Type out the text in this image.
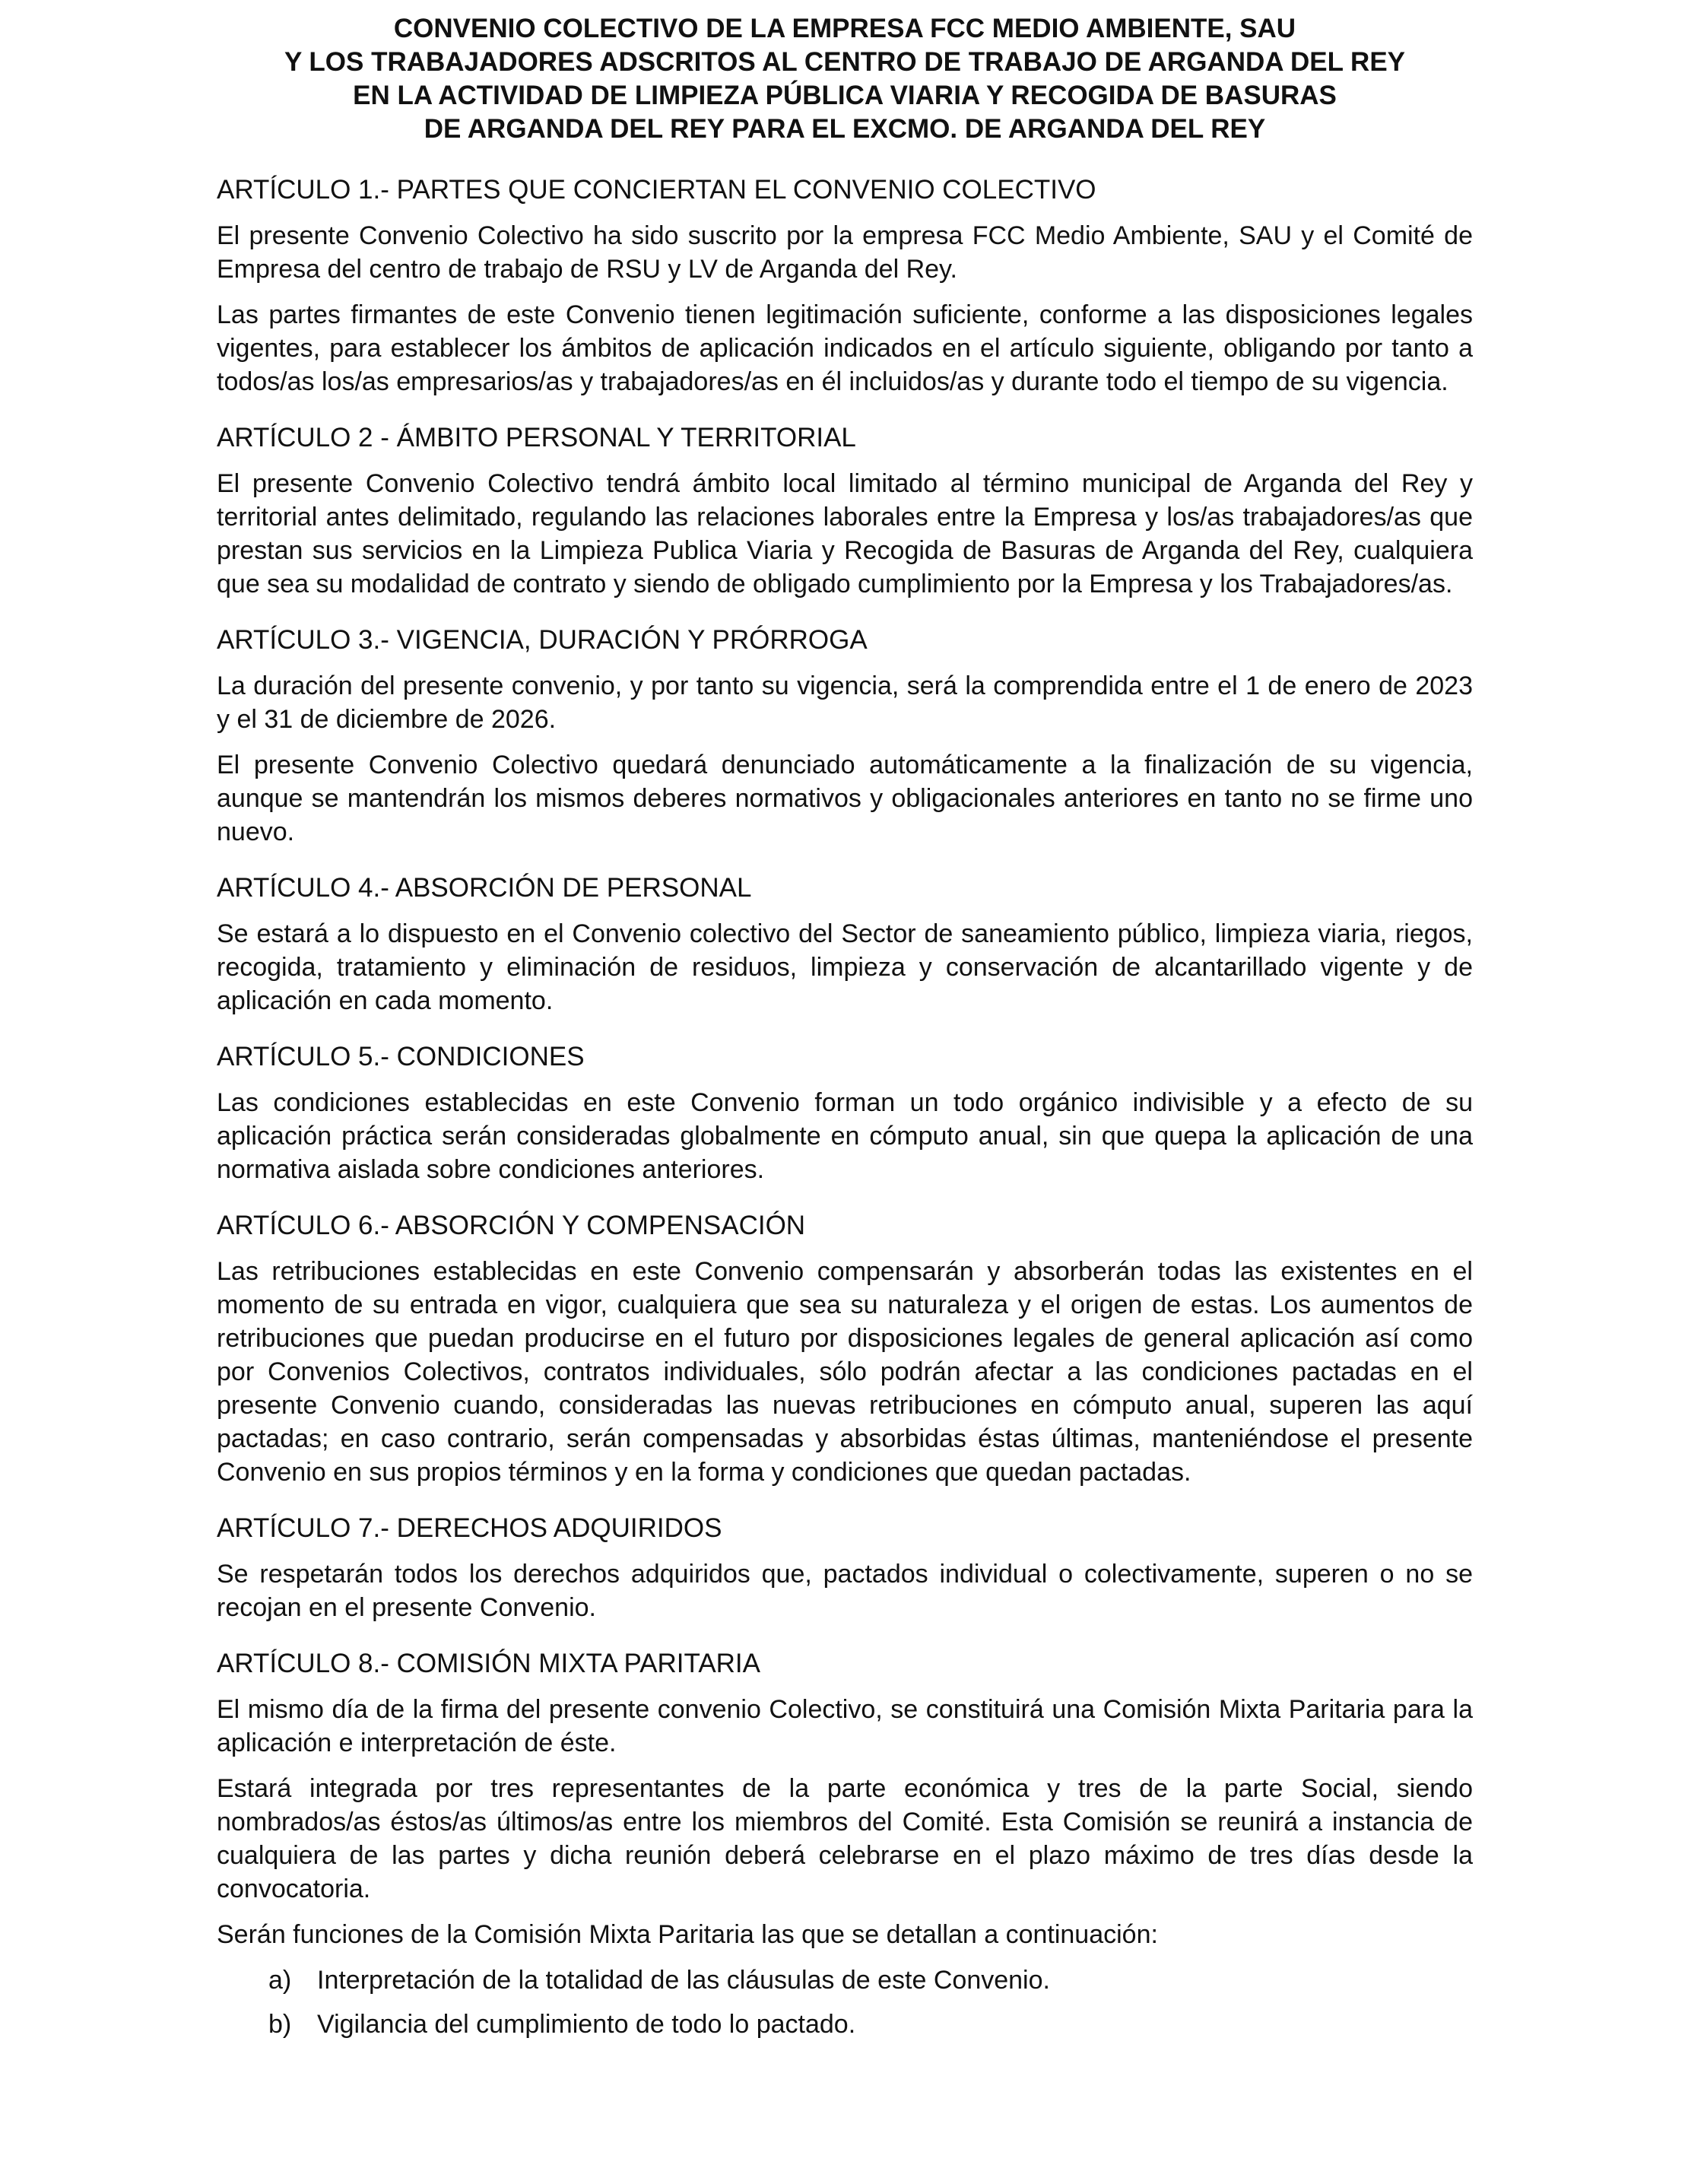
CONVENIO COLECTIVO DE LA EMPRESA FCC MEDIO AMBIENTE, SAU
Y LOS TRABAJADORES ADSCRITOS AL CENTRO DE TRABAJO DE ARGANDA DEL REY
EN LA ACTIVIDAD DE LIMPIEZA PÚBLICA VIARIA Y RECOGIDA DE BASURAS
DE ARGANDA DEL REY PARA EL EXCMO. DE ARGANDA DEL REY
ARTÍCULO 1.- PARTES QUE CONCIERTAN EL CONVENIO COLECTIVO

El presente Convenio Colectivo ha sido suscrito por la empresa FCC Medio Ambiente, SAU y el Comité de Empresa del centro de trabajo de RSU y LV de Arganda del Rey.

Las partes firmantes de este Convenio tienen legitimación suficiente, conforme a las disposiciones legales vigentes, para establecer los ámbitos de aplicación indicados en el artículo siguiente, obligando por tanto a todos/as los/as empresarios/as y trabajadores/as en él incluidos/as y durante todo el tiempo de su vigencia.

ARTÍCULO 2 - ÁMBITO PERSONAL Y TERRITORIAL

El presente Convenio Colectivo tendrá ámbito local limitado al término municipal de Arganda del Rey y territorial antes delimitado, regulando las relaciones laborales entre la Empresa y los/as trabajadores/as que prestan sus servicios en la Limpieza Publica Viaria y Recogida de Basuras de Arganda del Rey, cualquiera que sea su modalidad de contrato y siendo de obligado cumplimiento por la Empresa y los Trabajadores/as.

ARTÍCULO 3.- VIGENCIA, DURACIÓN Y PRÓRROGA

La duración del presente convenio, y por tanto su vigencia, será la comprendida entre el 1 de enero de 2023 y el 31 de diciembre de 2026.

El presente Convenio Colectivo quedará denunciado automáticamente a la finalización de su vigencia, aunque se mantendrán los mismos deberes normativos y obligacionales anteriores en tanto no se firme uno nuevo.

ARTÍCULO 4.- ABSORCIÓN DE PERSONAL

Se estará a lo dispuesto en el Convenio colectivo del Sector de saneamiento público, limpieza viaria, riegos, recogida, tratamiento y eliminación de residuos, limpieza y conservación de alcantarillado vigente y de aplicación en cada momento.

ARTÍCULO 5.- CONDICIONES

Las condiciones establecidas en este Convenio forman un todo orgánico indivisible y a efecto de su aplicación práctica serán consideradas globalmente en cómputo anual, sin que quepa la aplicación de una normativa aislada sobre condiciones anteriores.

ARTÍCULO 6.- ABSORCIÓN Y COMPENSACIÓN

Las retribuciones establecidas en este Convenio compensarán y absorberán todas las existentes en el momento de su entrada en vigor, cualquiera que sea su naturaleza y el origen de estas. Los aumentos de retribuciones que puedan producirse en el futuro por disposiciones legales de general aplicación así como por Convenios Colectivos, contratos individuales, sólo podrán afectar a las condiciones pactadas en el presente Convenio cuando, consideradas las nuevas retribuciones en cómputo anual, superen las aquí pactadas; en caso contrario, serán compensadas y absorbidas éstas últimas, manteniéndose el presente Convenio en sus propios términos y en la forma y condiciones que quedan pactadas.

ARTÍCULO 7.- DERECHOS ADQUIRIDOS

Se respetarán todos los derechos adquiridos que, pactados individual o colectivamente, superen o no se recojan en el presente Convenio.

ARTÍCULO 8.- COMISIÓN MIXTA PARITARIA

El mismo día de la firma del presente convenio Colectivo, se constituirá una Comisión Mixta Paritaria para la aplicación e interpretación de éste.

Estará integrada por tres representantes de la parte económica y tres de la parte Social, siendo nombrados/as éstos/as últimos/as entre los miembros del Comité. Esta Comisión se reunirá a instancia de cualquiera de las partes y dicha reunión deberá celebrarse en el plazo máximo de tres días desde la convocatoria.

Serán funciones de la Comisión Mixta Paritaria las que se detallan a continuación:

a) Interpretación de la totalidad de las cláusulas de este Convenio.
b) Vigilancia del cumplimiento de todo lo pactado.
